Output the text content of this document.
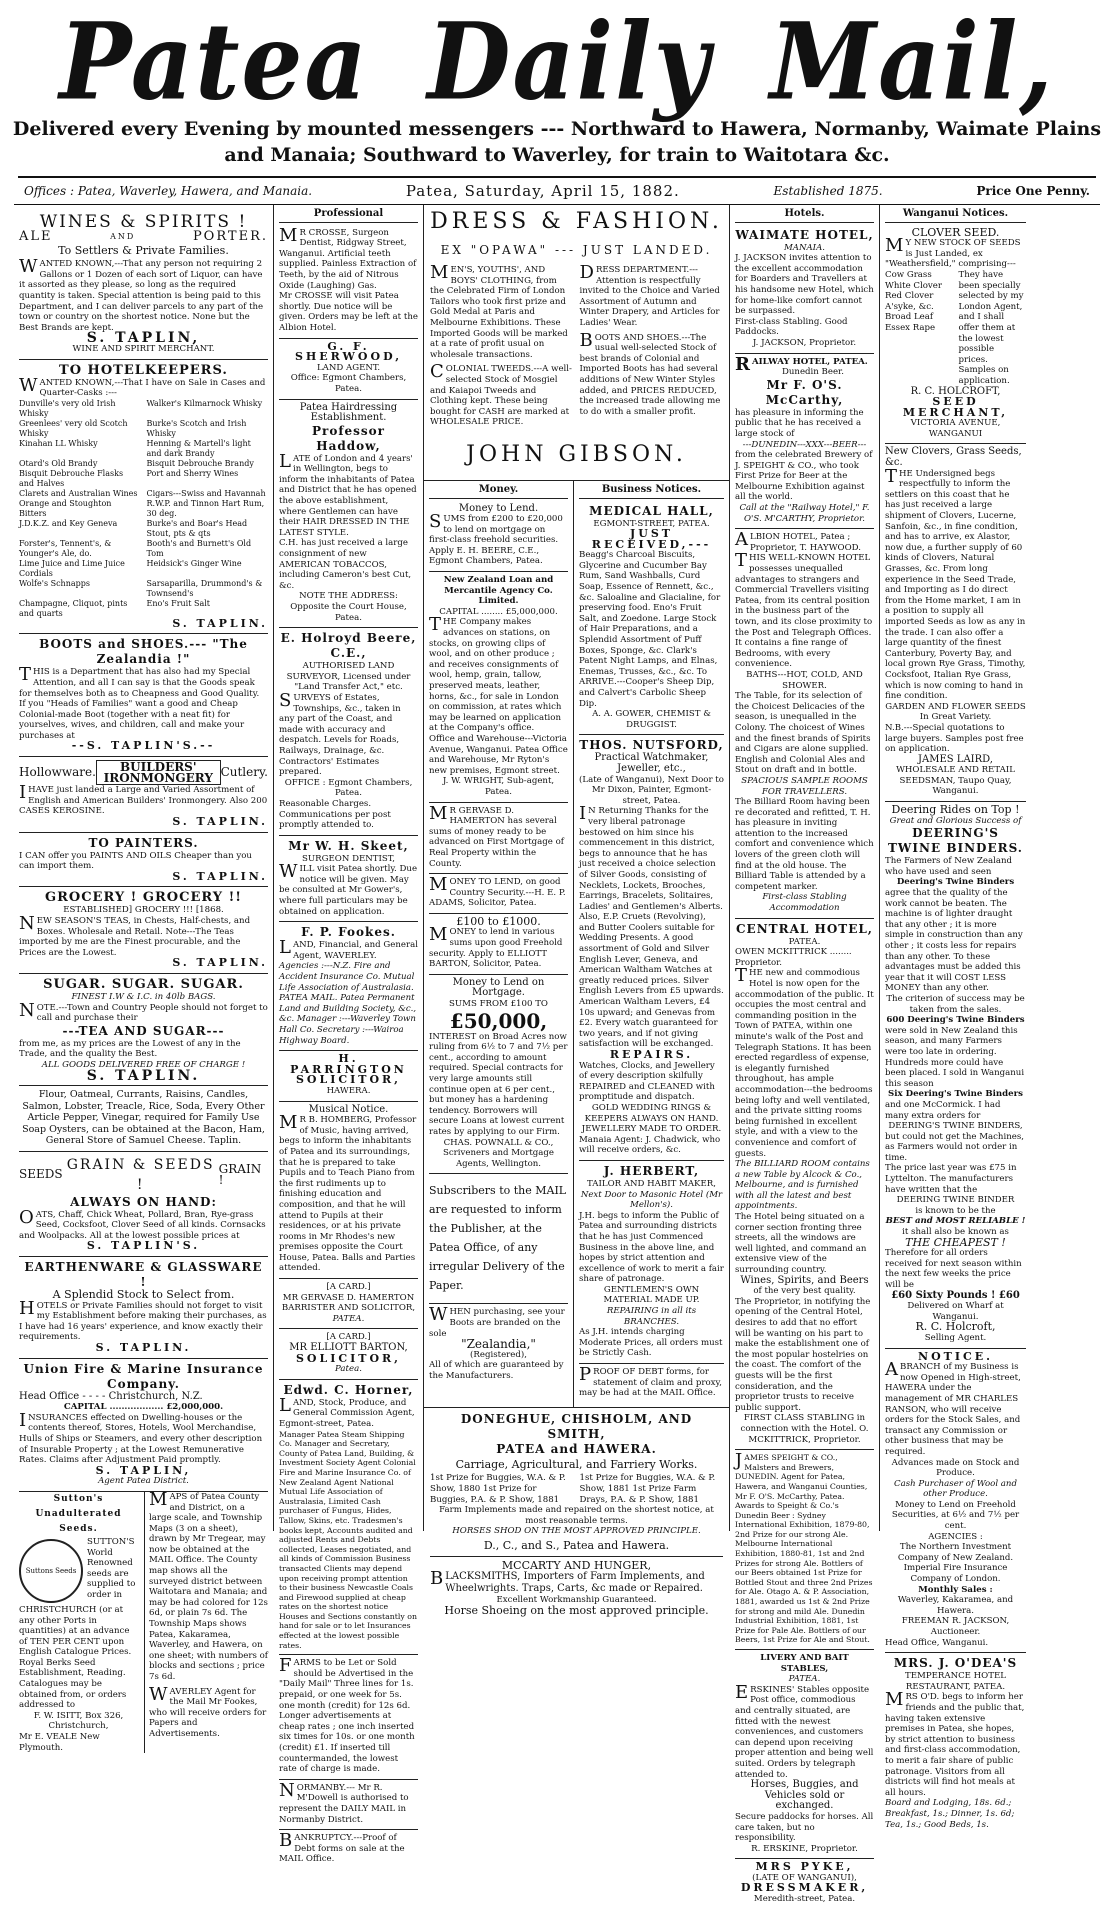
Patea Daily Mail,
Delivered every Evening by mounted messengers --- Northward to Hawera, Normanby, Waimate Plains
and Manaia; Southward to Waverley, for train to Waitotara &c.
Offices : Patea, Waverley, Hawera, and Manaia.	Patea, Saturday, April 15, 1882.	Established 1875.	Price One Penny.
WINES & SPIRITS !
ALE	AND	PORTER.
To Settlers & Private Families.
WANTED KNOWN,---That any person not requiring 2 Gallons or 1 Dozen of each sort of Liquor, can have it assorted as they please, so long as the required quantity is taken. Special attention is being paid to this Department, and I can deliver parcels to any part of the town or country on the shortest notice. None but the Best Brands are kept.
S. TAPLIN,
WINE AND SPIRIT MERCHANT.
TO HOTELKEEPERS.
WANTED KNOWN,---That I have on Sale in Cases and Quarter-Casks :---
Dunville's very old Irish Whisky
Walker's Kilmarnock Whisky
Greenlees' very old Scotch Whisky
Burke's Scotch and Irish Whisky
Kinahan LL Whisky	Henning & Martell's light and dark Brandy
Otard's Old Brandy	Bisquit Debrouche Brandy
Bisquit Debrouche Flasks and Halves
Port and Sherry Wines
Clarets and Australian Wines	Cigars---Swiss and Havannah
Orange and Stoughton Bitters
R.W.P. and Tinnon Hart Rum, 30 deg.
J.D.K.Z. and Key Geneva	Burke's and Boar's Head Stout, pts & qts
Forster's, Tennent's, & Younger's Ale, do.
Booth's and Burnett's Old Tom
Lime Juice and Lime Juice Cordials
Heidsick's Ginger Wine
Wolfe's Schnapps	Sarsaparilla, Drummond's & Townsend's
Champagne, Cliquot, pints and quarts
Eno's Fruit Salt
S. TAPLIN.
BOOTS and SHOES.--- "The Zealandia !"
THIS is a Department that has also had my Special Attention, and all I can say is that the Goods speak for themselves both as to Cheapness and Good Quality. If you "Heads of Families" want a good and Cheap Colonial-made Boot (together with a neat fit) for yourselves, wives, and children, call and make your purchases at
--S. TAPLIN'S.--
Hollowware.	BUILDERS' IRONMONGERY Cutlery.
IHAVE just landed a Large and Varied Assortment of English and American Builders' Ironmongery. Also 200 CASES KEROSINE.
S. TAPLIN.
TO PAINTERS.
I CAN offer you PAINTS AND OILS Cheaper than you can import them.
S. TAPLIN.
GROCERY ! GROCERY !!
ESTABLISHED] GROCERY !!! [1868.
NEW SEASON'S TEAS, in Chests, Half-chests, and Boxes. Wholesale and Retail. Note---The Teas imported by me are the Finest procurable, and the Prices are the Lowest.
S. TAPLIN.
SUGAR. SUGAR. SUGAR.
FINEST I.W & I.C. in 40lb BAGS.
NOTE.---Town and Country People should not forget to call and purchase their
---TEA AND SUGAR---
from me, as my prices are the Lowest of any in the Trade, and the quality the Best.
ALL GOODS DELIVERED FREE OF CHARGE !
S. TAPLIN.
Flour, Oatmeal, Currants, Raisins, Candles, Salmon, Lobster, Treacle, Rice, Soda, Every Other Article Pepper, Vinegar, required for Family Use Soap Oysters, can be obtained at the Bacon, Ham, General Store of Samuel Cheese. Taplin.
SEEDS
GRAIN & SEEDS !
GRAIN !
ALWAYS ON HAND:
OATS, Chaff, Chick Wheat, Pollard, Bran, Rye-grass Seed, Cocksfoot, Clover Seed of all kinds. Cornsacks and Woolpacks. All at the lowest possible prices at
S. TAPLIN'S.
EARTHENWARE & GLASSWARE !
A Splendid Stock to Select from.
HOTELS or Private Families should not forget to visit my Establishment before making their purchases, as I have had 16 years' experience, and know exactly their requirements.
S. TAPLIN.
Union Fire & Marine Insurance Company.
Head Office - - - - Christchurch, N.Z.
CAPITAL .................. £2,000,000.
INSURANCES effected on Dwelling-houses or the contents thereof, Stores, Hotels, Wool Merchandise, Hulls of Ships or Steamers, and every other description of Insurable Property ; at the Lowest Remunerative Rates. Claims after Adjustment Paid promptly.
S. TAPLIN,
Agent Patea District.
Sutton's Unadulterated Seeds.
Suttons Seeds
SUTTON'S World Renowned seeds are supplied to order in CHRISTCHURCH (or at any other Ports in quantities) at an advance of TEN PER CENT upon English Catalogue Prices.
Royal Berks Seed Establishment, Reading.
Catalogues may be obtained from, or orders addressed to
F. W. ISITT, Box 326, Christchurch,
Mr E. VEALE New Plymouth.
MAPS of Patea County and District, on a large scale, and Township Maps (3 on a sheet), drawn by Mr Tregear, may now be obtained at the MAIL Office. The County map shows all the surveyed district between Waitotara and Manaia; and may be had colored for 12s 6d, or plain 7s 6d. The Township Maps shows Patea, Kakaramea, Waverley, and Hawera, on one sheet; with numbers of blocks and sections ; price 7s 6d.
WAVERLEY Agent for the Mail Mr Fookes, who will receive orders for Papers and Advertisements.
Professional
MR CROSSE, Surgeon Dentist, Ridgway Street, Wanganui. Artificial teeth supplied. Painless Extraction of Teeth, by the aid of Nitrous Oxide (Laughing) Gas.
Mr CROSSE will visit Patea shortly. Due notice will be given. Orders may be left at the Albion Hotel.
G. F. SHERWOOD,
LAND AGENT.
Office: Egmont Chambers, Patea.
Patea Hairdressing Establishment.
Professor Haddow,
LATE of London and 4 years' in Wellington, begs to inform the inhabitants of Patea and District that he has opened the above establishment, where Gentlemen can have their HAIR DRESSED IN THE LATEST STYLE.
C.H. has just received a large consignment of new AMERICAN TOBACCOS, including Cameron's best Cut, &c.
NOTE THE ADDRESS: Opposite the Court House, Patea.
E. Holroyd Beere, C.E.,
AUTHORISED LAND SURVEYOR, Licensed under "Land Transfer Act," etc.
SURVEYS of Estates, Townships, &c., taken in any part of the Coast, and made with accuracy and despatch. Levels for Roads, Railways, Drainage, &c. Contractors' Estimates prepared.
OFFICE : Egmont Chambers, Patea.
Reasonable Charges. Communications per post promptly attended to.
Mr W. H. Skeet,
SURGEON DENTIST,
WILL visit Patea shortly. Due notice will be given. May be consulted at Mr Gower's, where full particulars may be obtained on application.
F. P. Fookes.
LAND, Financial, and General Agent, WAVERLEY.
Agencies :---N.Z. Fire and Accident Insurance Co. Mutual Life Association of Australasia. PATEA MAIL. Patea Permanent Land and Building Society, &c., &c. Manager :---Waverley Town Hall Co. Secretary :---Wairoa Highway Board.
H. PARRINGTON
SOLICITOR,
HAWERA.
Musical Notice.
MR B. HOMBERG, Professor of Music, having arrived, begs to inform the inhabitants of Patea and its surroundings, that he is prepared to take Pupils and to Teach Piano from the first rudiments up to finishing education and composition, and that he will attend to Pupils at their residences, or at his private rooms in Mr Rhodes's new premises opposite the Court House, Patea. Balls and Parties attended.
[A CARD.]
MR GERVASE D. HAMERTON
BARRISTER AND SOLICITOR,
PATEA.
[A CARD.]
MR ELLIOTT BARTON,
SOLICITOR,
Patea.
Edwd. C. Horner,
LAND, Stock, Produce, and General Commission Agent, Egmont-street, Patea.
Manager Patea Steam Shipping Co. Manager and Secretary, County of Patea Land, Building, & Investment Society Agent Colonial Fire and Marine Insurance Co. of New Zealand Agent National Mutual Life Association of Australasia, Limited Cash purchaser of Fungus, Hides, Tallow, Skins, etc. Tradesmen's books kept, Accounts audited and adjusted Rents and Debts collected, Leases negotiated, and all kinds of Commission Business transacted Clients may depend upon receiving prompt attention to their business Newcastle Coals and Firewood supplied at cheap rates on the shortest notice Houses and Sections constantly on hand for sale or to let Insurances effected at the lowest possible rates.
FARMS to be Let or Sold should be Advertised in the "Daily Mail" Three lines for 1s. prepaid, or one week for 5s. one month (credit) for 12s 6d. Longer advertisements at cheap rates ; one inch inserted six times for 10s. or one month (credit) £1. If inserted till countermanded, the lowest rate of charge is made.
NORMANBY.--- Mr R. M'Dowell is authorised to represent the DAILY MAIL in Normanby District.
BANKRUPTCY.---Proof of Debt forms on sale at the MAIL Office.
DRESS & FASHION.
EX "OPAWA" --- JUST LANDED.
MEN'S, YOUTHS', AND BOYS' CLOTHING, from the Celebrated Firm of London Tailors who took first prize and Gold Medal at Paris and Melbourne Exhibitions. These Imported Goods will be marked at a rate of profit usual on wholesale transactions.
COLONIAL TWEEDS.---A well-selected Stock of Mosgiel and Kaiapoi Tweeds and Clothing kept. These being bought for CASH are marked at WHOLESALE PRICE.
DRESS DEPARTMENT.---Attention is respectfully invited to the Choice and Varied Assortment of Autumn and Winter Drapery, and Articles for Ladies' Wear.
BOOTS AND SHOES.---The usual well-selected Stock of best brands of Colonial and Imported Boots has had several additions of New Winter Styles added, and PRICES REDUCED, the increased trade allowing me to do with a smaller profit.
JOHN GIBSON.
Money.
Money to Lend.
SUMS from £200 to £20,000 to lend on mortgage on first-class freehold securities. Apply E. H. BEERE, C.E., Egmont Chambers, Patea.
New Zealand Loan and Mercantile Agency Co. Limited.
CAPITAL ........ £5,000,000.
THE Company makes advances on stations, on stocks, on growing clips of wool, and on other produce ; and receives consignments of wool, hemp, grain, tallow, preserved meats, leather, horns, &c., for sale in London on commission, at rates which may be learned on application at the Company's office.
Office and Warehouse---Victoria Avenue, Wanganui. Patea Office and Warehouse, Mr Ryton's new premises, Egmont street.
J. W. WRIGHT, Sub-agent, Patea.
MR GERVASE D. HAMERTON has several sums of money ready to be advanced on First Mortgage of Real Property within the County.
MONEY TO LEND, on good Country Security.---H. E. P. ADAMS, Solicitor, Patea.
£100 to £1000.
MONEY to lend in various sums upon good Freehold security. Apply to ELLIOTT BARTON, Solicitor, Patea.
Money to Lend on Mortgage.
SUMS FROM £100 TO
£50,000,
INTEREST on Broad Acres now ruling from 6½ to 7 and 7½ per cent., according to amount required. Special contracts for very large amounts still continue open at 6 per cent., but money has a hardening tendency. Borrowers will secure Loans at lowest current rates by applying to our Firm.
CHAS. POWNALL & CO., Scriveners and Mortgage Agents, Wellington.
Subscribers to the MAIL are requested to inform the Publisher, at the Patea Office, of any irregular Delivery of the Paper.
WHEN purchasing, see your Boots are branded on the sole
"Zealandia,"
(Registered),
All of which are guaranteed by the Manufacturers.
Business Notices.
MEDICAL HALL,
EGMONT-STREET, PATEA.
JUST RECEIVED,---
Beagg's Charcoal Biscuits, Glycerine and Cucumber Bay Rum, Sand Washballs, Curd Soap, Essence of Rennett, &c., &c. Saloaline and Glacialine, for preserving food. Eno's Fruit Salt, and Zoedone. Large Stock of Hair Preparations, and a Splendid Assortment of Puff Boxes, Sponge, &c. Clark's Patent Night Lamps, and Elnas, Enemas, Trusses, &c., &c. To ARRIVE.---Cooper's Sheep Dip, and Calvert's Carbolic Sheep Dip.
A. A. GOWER, CHEMIST & DRUGGIST.
THOS. NUTSFORD,
Practical Watchmaker, Jeweller, etc.,
(Late of Wanganui), Next Door to Mr Dixon, Painter, Egmont-street, Patea.
IN Returning Thanks for the very liberal patronage bestowed on him since his commencement in this district, begs to announce that he has just received a choice selection of Silver Goods, consisting of Necklets, Lockets, Brooches, Earrings, Bracelets, Solitaires, Ladies' and Gentlemen's Alberts. Also, E.P. Cruets (Revolving), and Butter Coolers suitable for Wedding Presents. A good assortment of Gold and Silver English Lever, Geneva, and American Waltham Watches at greatly reduced prices. Silver English Levers from £5 upwards. American Waltham Levers, £4 10s upward; and Genevas from £2. Every watch guaranteed for two years, and if not giving satisfaction will be exchanged.
REPAIRS.
Watches, Clocks, and Jewellery of every description skilfully REPAIRED and CLEANED with promptitude and dispatch.
GOLD WEDDING RINGS & KEEPERS ALWAYS ON HAND. JEWELLERY MADE TO ORDER.
Manaia Agent: J. Chadwick, who will receive orders, &c.
J. HERBERT,
TAILOR AND HABIT MAKER,
Next Door to Masonic Hotel (Mr Mellon's).
J.H. begs to inform the Public of Patea and surrounding districts that he has just Commenced Business in the above line, and hopes by strict attention and excellence of work to merit a fair share of patronage.
GENTLEMEN'S OWN MATERIAL MADE UP.
REPAIRING in all its BRANCHES.
As J.H. intends charging Moderate Prices, all orders must be Strictly Cash.
PROOF OF DEBT forms, for statement of claim and proxy, may be had at the MAIL Office.
DONEGHUE, CHISHOLM, AND SMITH,
PATEA and HAWERA.
Carriage, Agricultural, and Farriery Works.
1st Prize for Buggies, W.A. & P. Show, 1880 1st Prize for Buggies, P.A. & P. Show, 1881
1st Prize for Buggies, W.A. & P. Show, 1881 1st Prize Farm Drays, P.A. & P. Show, 1881
Farm Implements made and repaired on the shortest notice, at most reasonable terms.
HORSES SHOD ON THE MOST APPROVED PRINCIPLE.
D., C., and S., Patea and Hawera.
MCCARTY AND HUNGER,
BLACKSMITHS, Importers of Farm Implements, and Wheelwrights. Traps, Carts, &c made or Repaired.
Excellent Workmanship Guaranteed.
Horse Shoeing on the most approved principle.
Hotels.
WAIMATE HOTEL,
MANAIA.
J. JACKSON invites attention to the excellent accommodation for Boarders and Travellers at his handsome new Hotel, which for home-like comfort cannot be surpassed.
First-class Stabling. Good Paddocks.
J. JACKSON, Proprietor.
RAILWAY HOTEL, PATEA.
Dunedin Beer.
Mr F. O'S. McCarthy,
has pleasure in informing the public that he has received a large stock of
---DUNEDIN---XXX---BEER---
from the celebrated Brewery of J. SPEIGHT & CO., who took First Prize for Beer at the Melbourne Exhibition against all the world.
Call at the "Railway Hotel," F. O'S. M'CARTHY, Proprietor.
ALBION HOTEL, Patea ; Proprietor, T. HAYWOOD.
THIS WELL-KNOWN HOTEL possesses unequalled advantages to strangers and Commercial Travellers visiting Patea, from its central position in the business part of the town, and its close proximity to the Post and Telegraph Offices. It contains a fine range of Bedrooms, with every convenience.
BATHS---HOT, COLD, AND SHOWER.
The Table, for its selection of the Choicest Delicacies of the season, is unequalled in the Colony. The choicest of Wines and the finest brands of Spirits and Cigars are alone supplied. English and Colonial Ales and Stout on draft and in bottle.
SPACIOUS SAMPLE ROOMS FOR TRAVELLERS.
The Billiard Room having been re decorated and refitted, T. H. has pleasure in inviting attention to the increased comfort and convenience which lovers of the green cloth will find at the old house. The Billiard Table is attended by a competent marker.
First-class Stabling Accommodation
CENTRAL HOTEL,
PATEA.
OWEN MCKITTRICK ........ Proprietor.
THE new and commodious Hotel is now open for the accommodation of the public. It occupies the most central and commanding position in the Town of PATEA, within one minute's walk of the Post and Telegraph Stations. It has been erected regardless of expense, is elegantly furnished throughout, has ample accommodation---the bedrooms being lofty and well ventilated, and the private sitting rooms being furnished in excellent style, and with a view to the convenience and comfort of guests.
The BILLIARD ROOM contains a new Table by Alcock & Co., Melbourne, and is furnished with all the latest and best appointments.
The Hotel being situated on a corner section fronting three streets, all the windows are well lighted, and command an extensive view of the surrounding country.
Wines, Spirits, and Beers
of the very best quality.
The Proprietor, in notifying the opening of the Central Hotel, desires to add that no effort will be wanting on his part to make the establishment one of the most popular hostelries on the coast. The comfort of the guests will be the first consideration, and the proprietor trusts to receive public support.
FIRST CLASS STABLING in connection with the Hotel. O. MCKITTRICK, Proprietor.
JAMES SPEIGHT & CO., Malsters and Brewers, DUNEDIN. Agent for Patea, Hawera, and Wanganui Counties, Mr F. O'S. McCarthy, Patea. Awards to Speight & Co.'s Dunedin Beer : Sydney International Exhibition, 1879-80, 2nd Prize for our strong Ale. Melbourne International Exhibition, 1880-81, 1st and 2nd Prizes for strong Ale. Bottlers of our Beers obtained 1st Prize for Bottled Stout and three 2nd Prizes for Ale. Otago A. & P. Association, 1881, awarded us 1st & 2nd Prize for strong and mild Ale. Dunedin Industrial Exhibition, 1881, 1st Prize for Pale Ale. Bottlers of our Beers, 1st Prize for Ale and Stout.
LIVERY AND BAIT STABLES,
PATEA.
ERSKINES' Stables opposite Post office, commodious and centrally situated, are fitted with the newest conveniences, and customers can depend upon receiving proper attention and being well suited. Orders by telegraph attended to.
Horses, Buggies, and Vehicles sold or exchanged.
Secure paddocks for horses. All care taken, but no responsibility.
R. ERSKINE, Proprietor.
MRS PYKE,
(LATE OF WANGANUI),
DRESSMAKER,
Meredith-street, Patea.
Wanganui Notices.
CLOVER SEED.
MY NEW STOCK OF SEEDS is Just Landed, ex "Weathersfield," comprising---
Cow Grass White Clover Red Clover A'syke, &c. Broad Leaf Essex Rape
They have been specially selected by my London Agent, and I shall offer them at the lowest possible prices. Samples on application.
R. C. HOLCROFT,
SEED MERCHANT,
VICTORIA AVENUE, WANGANUI
New Clovers, Grass Seeds, &c.
THE Undersigned begs respectfully to inform the settlers on this coast that he has just received a large shipment of Clovers, Lucerne, Sanfoin, &c., in fine condition, and has to arrive, ex Alastor, now due, a further supply of 60 kinds of Clovers, Natural Grasses, &c. From long experience in the Seed Trade, and Importing as I do direct from the Home market, I am in a position to supply all imported Seeds as low as any in the trade. I can also offer a large quantity of the finest Canterbury, Poverty Bay, and local grown Rye Grass, Timothy, Cocksfoot, Italian Rye Grass, which is now coming to hand in fine condition.
GARDEN AND FLOWER SEEDS In Great Variety.
N.B.---Special quotations to large buyers. Samples post free on application.
JAMES LAIRD,
WHOLESALE AND RETAIL SEEDSMAN, Taupo Quay, Wanganui.
Deering Rides on Top !
Great and Glorious Success of
DEERING'S TWINE BINDERS.
The Farmers of New Zealand who have used and seen
Deering's Twine Binders
agree that the quality of the work cannot be beaten. The machine is of lighter draught that any other ; it is more simple in construction than any other ; it costs less for repairs than any other. To these advantages must be added this year that it will COST LESS MONEY than any other.
The criterion of success may be taken from the sales.
600 Deering's Twine Binders
were sold in New Zealand this season, and many Farmers were too late in ordering. Hundreds more could have been placed. I sold in Wanganui this season
Six Deering's Twine Binders
and one McCormick. I had many extra orders for
DEERING'S TWINE BINDERS,
but could not get the Machines, as Farmers would not order in time.
The price last year was £75 in Lyttelton. The manufacturers have written that the
DEERING TWINE BINDER
is known to be the
BEST and MOST RELIABLE !
it shall also be known as
THE CHEAPEST !
Therefore for all orders received for next season within the next few weeks the price will be
£60 Sixty Pounds ! £60
Delivered on Wharf at Wanganui.
R. C. Holcroft,
Selling Agent.
NOTICE.
ABRANCH of my Business is now Opened in High-street, HAWERA under the management of MR CHARLES RANSON, who will receive orders for the Stock Sales, and transact any Commission or other business that may be required.
Advances made on Stock and Produce.
Cash Purchaser of Wool and other Produce.
Money to Lend on Freehold Securities, at 6½ and 7½ per cent.
AGENCIES :
The Northern Investment Company of New Zealand. Imperial Fire Insurance Company of London.
Monthly Sales :
Waverley, Kakaramea, and Hawera.
FREEMAN R. JACKSON, Auctioneer.
Head Office, Wanganui.
MRS. J. O'DEA'S
TEMPERANCE HOTEL RESTAURANT, PATEA.
MRS O'D. begs to inform her friends and the public that, having taken extensive premises in Patea, she hopes, by strict attention to business and first-class accommodation, to merit a fair share of public patronage. Visitors from all districts will find hot meals at all hours.
Board and Lodging, 18s. 6d.; Breakfast, 1s.; Dinner, 1s. 6d; Tea, 1s.; Good Beds, 1s.
